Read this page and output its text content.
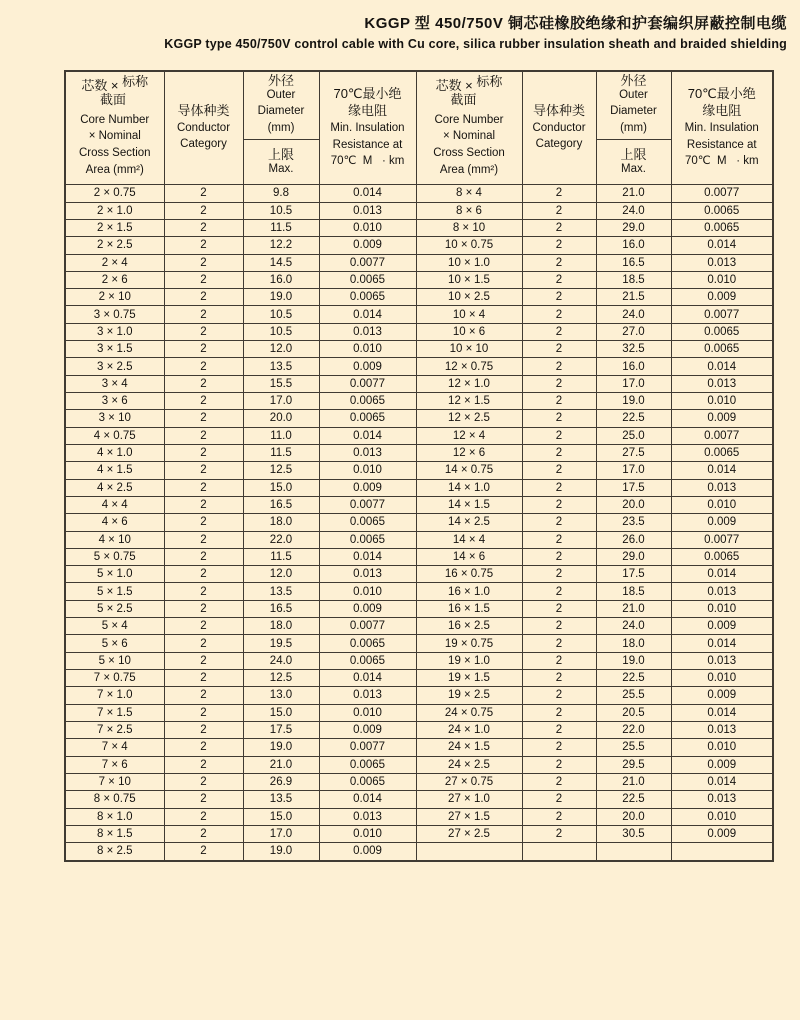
KGGP 型 450/750V 铜芯硅橡胶绝缘和护套编织屏蔽控制电缆
KGGP type 450/750V control cable with Cu core, silica rubber insulation sheath and braided shielding
芯数 × 标称
截面
Core Number
× Nominal
Cross Section
Area (mm²)

导体种类
Conductor
Category

外径
Outer
Diameter
(mm)

70℃最小绝
缘电阻
Min. Insulation
Resistance at
70℃  M   · km

芯数 × 标称
截面
Core Number
× Nominal
Cross Section
Area (mm²)

导体种类
Conductor
Category

外径
Outer
Diameter
(mm)

70℃最小绝
缘电阻
Min. Insulation
Resistance at
70℃  M   · km

上限
Max.

上限
Max.

2 × 0.75	2	9.8	0.014	8 × 4	2	21.0	0.0077
2 × 1.0	2	10.5	0.013	8 × 6	2	24.0	0.0065
2 × 1.5	2	11.5	0.010	8 × 10	2	29.0	0.0065
2 × 2.5	2	12.2	0.009	10 × 0.75	2	16.0	0.014
2 × 4	2	14.5	0.0077	10 × 1.0	2	16.5	0.013
2 × 6	2	16.0	0.0065	10 × 1.5	2	18.5	0.010
2 × 10	2	19.0	0.0065	10 × 2.5	2	21.5	0.009
3 × 0.75	2	10.5	0.014	10 × 4	2	24.0	0.0077
3 × 1.0	2	10.5	0.013	10 × 6	2	27.0	0.0065
3 × 1.5	2	12.0	0.010	10 × 10	2	32.5	0.0065
3 × 2.5	2	13.5	0.009	12 × 0.75	2	16.0	0.014
3 × 4	2	15.5	0.0077	12 × 1.0	2	17.0	0.013
3 × 6	2	17.0	0.0065	12 × 1.5	2	19.0	0.010
3 × 10	2	20.0	0.0065	12 × 2.5	2	22.5	0.009
4 × 0.75	2	11.0	0.014	12 × 4	2	25.0	0.0077
4 × 1.0	2	11.5	0.013	12 × 6	2	27.5	0.0065
4 × 1.5	2	12.5	0.010	14 × 0.75	2	17.0	0.014
4 × 2.5	2	15.0	0.009	14 × 1.0	2	17.5	0.013
4 × 4	2	16.5	0.0077	14 × 1.5	2	20.0	0.010
4 × 6	2	18.0	0.0065	14 × 2.5	2	23.5	0.009
4 × 10	2	22.0	0.0065	14 × 4	2	26.0	0.0077
5 × 0.75	2	11.5	0.014	14 × 6	2	29.0	0.0065
5 × 1.0	2	12.0	0.013	16 × 0.75	2	17.5	0.014
5 × 1.5	2	13.5	0.010	16 × 1.0	2	18.5	0.013
5 × 2.5	2	16.5	0.009	16 × 1.5	2	21.0	0.010
5 × 4	2	18.0	0.0077	16 × 2.5	2	24.0	0.009
5 × 6	2	19.5	0.0065	19 × 0.75	2	18.0	0.014
5 × 10	2	24.0	0.0065	19 × 1.0	2	19.0	0.013
7 × 0.75	2	12.5	0.014	19 × 1.5	2	22.5	0.010
7 × 1.0	2	13.0	0.013	19 × 2.5	2	25.5	0.009
7 × 1.5	2	15.0	0.010	24 × 0.75	2	20.5	0.014
7 × 2.5	2	17.5	0.009	24 × 1.0	2	22.0	0.013
7 × 4	2	19.0	0.0077	24 × 1.5	2	25.5	0.010
7 × 6	2	21.0	0.0065	24 × 2.5	2	29.5	0.009
7 × 10	2	26.9	0.0065	27 × 0.75	2	21.0	0.014
8 × 0.75	2	13.5	0.014	27 × 1.0	2	22.5	0.013
8 × 1.0	2	15.0	0.013	27 × 1.5	2	20.0	0.010
8 × 1.5	2	17.0	0.010	27 × 2.5	2	30.5	0.009
8 × 2.5	2	19.0	0.009				
